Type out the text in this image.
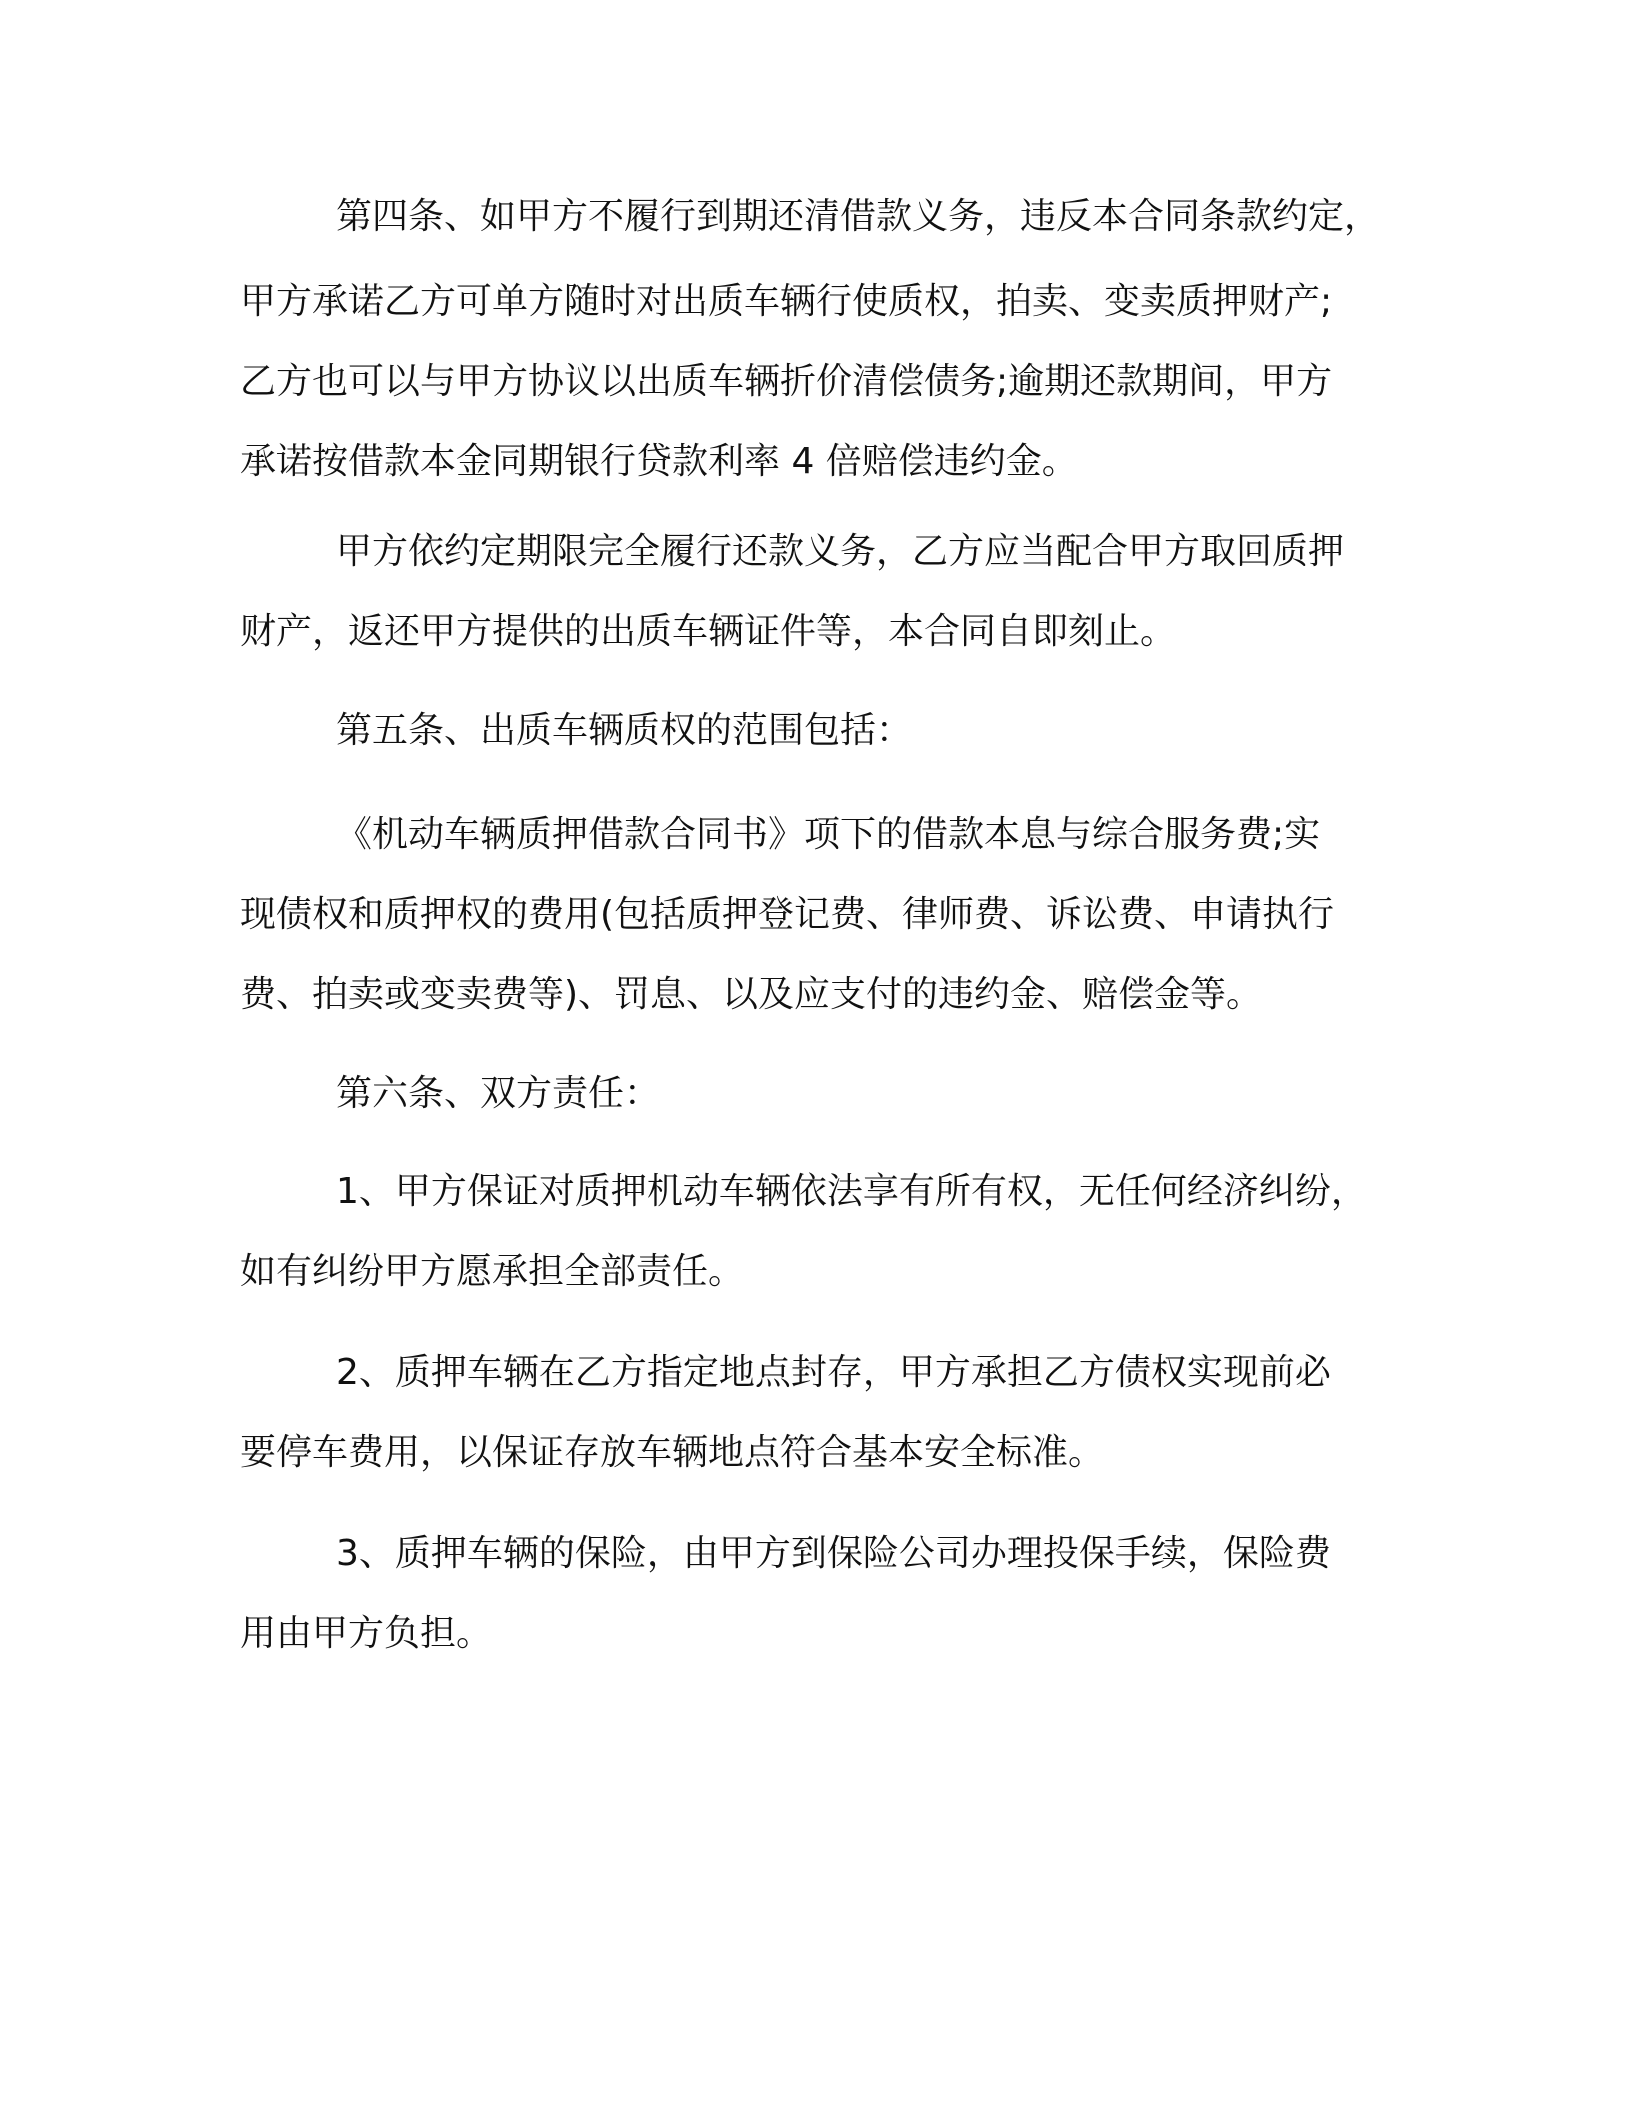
第四条、如甲方不履行到期还清借款义务，违反本合同条款约定，
甲方承诺乙方可单方随时对出质车辆行使质权，拍卖、变卖质押财产;
乙方也可以与甲方协议以出质车辆折价清偿债务;逾期还款期间，甲方
承诺按借款本金同期银行贷款利率 4 倍赔偿违约金。
甲方依约定期限完全履行还款义务，乙方应当配合甲方取回质押
财产，返还甲方提供的出质车辆证件等，本合同自即刻止。
第五条、出质车辆质权的范围包括：
《机动车辆质押借款合同书》项下的借款本息与综合服务费;实
现债权和质押权的费用(包括质押登记费、律师费、诉讼费、申请执行
费、拍卖或变卖费等)、罚息、以及应支付的违约金、赔偿金等。
第六条、双方责任：
1、甲方保证对质押机动车辆依法享有所有权，无任何经济纠纷，
如有纠纷甲方愿承担全部责任。
2、质押车辆在乙方指定地点封存，甲方承担乙方债权实现前必
要停车费用，以保证存放车辆地点符合基本安全标准。
3、质押车辆的保险，由甲方到保险公司办理投保手续，保险费
用由甲方负担。
